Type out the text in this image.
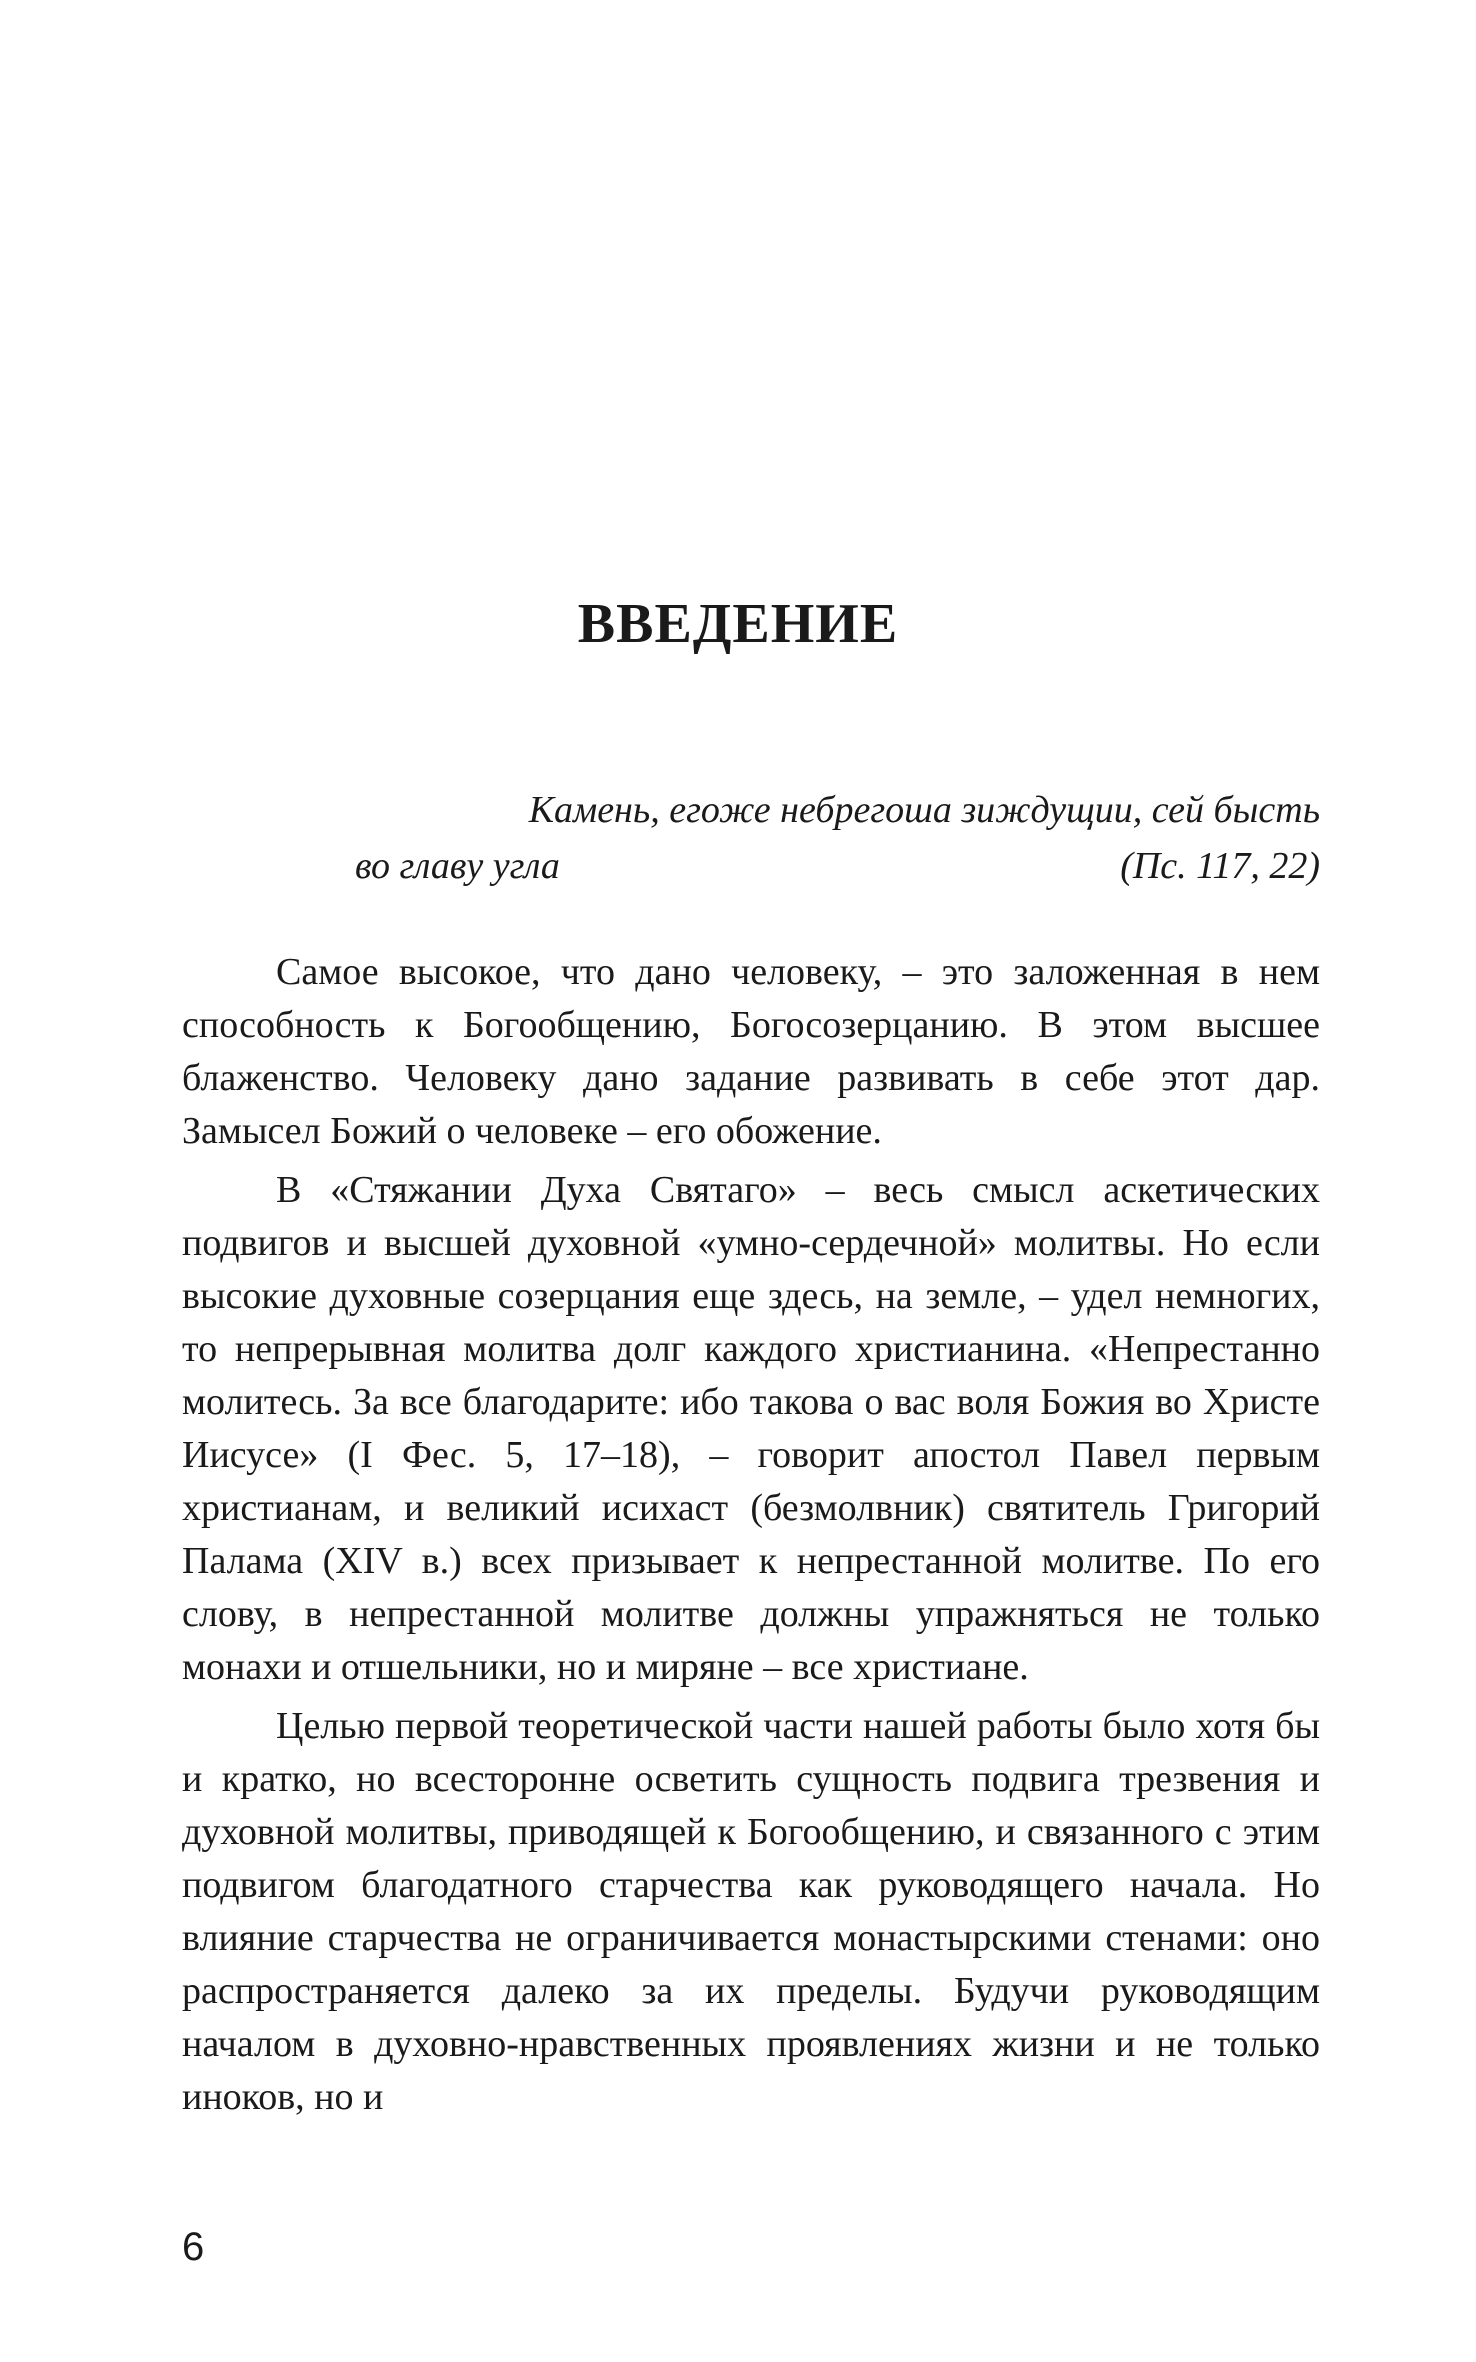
ВВЕДЕНИЕ
Камень, егоже небрегоша зиждущии, сей бысть
во главу угла	(Пс. 117, 22)

Самое высокое, что дано человеку, – это заложенная в нем способность к Богообщению, Богосозерцанию. В этом высшее блаженство. Человеку дано задание развивать в себе этот дар. Замысел Божий о человеке – его обожение.

В «Стяжании Духа Святаго» – весь смысл аскетических подвигов и высшей духовной «умно-сердечной» молитвы. Но если высокие духовные созерцания еще здесь, на земле, – удел немногих, то непрерывная молитва долг каждого христианина. «Непрестанно молитесь. За все благодарите: ибо такова о вас воля Божия во Христе Иисусе» (I Фес. 5, 17–18), – говорит апостол Павел первым христианам, и великий исихаст (безмолвник) святитель Григорий Палама (XIV в.) всех призывает к непрестанной молитве. По его слову, в непрестанной молитве должны упражняться не только монахи и отшельники, но и миряне – все христиане.

Целью первой теоретической части нашей работы было хотя бы и кратко, но всесторонне осветить сущность подвига трезвения и духовной молитвы, приводящей к Богообщению, и связанного с этим подвигом благодатного старчества как руководящего начала. Но влияние старчества не ограничивается монастырскими стенами: оно распространяется далеко за их пределы. Будучи руководящим началом в духовно-нравственных проявлениях жизни и не только иноков, но и

6
